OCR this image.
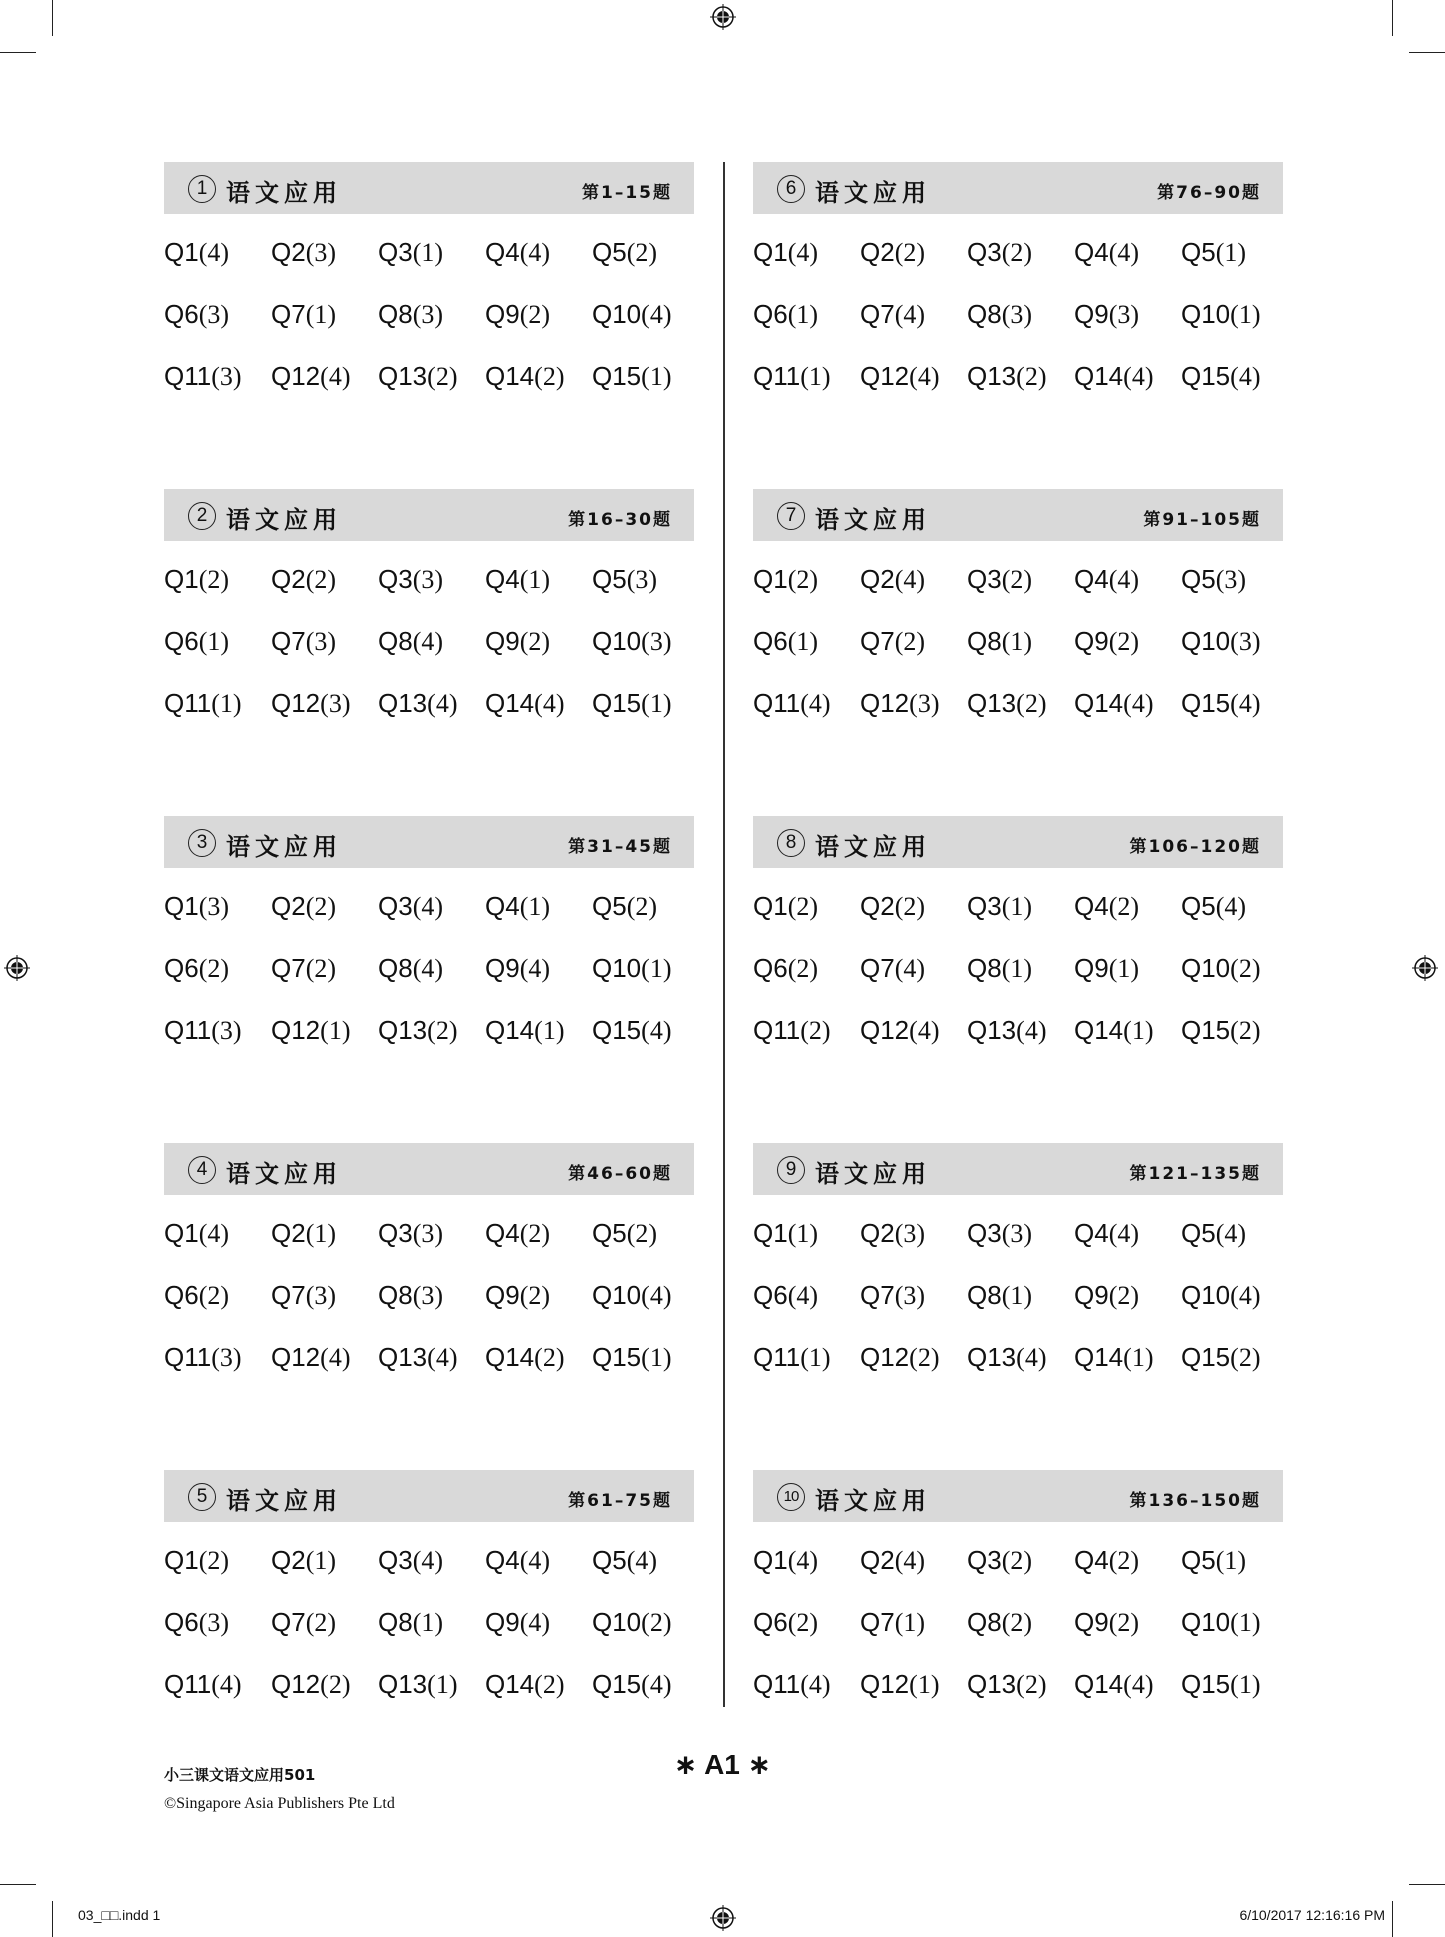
1 语文应用	第1–15题
Q1(4)	Q2(3)	Q3(1)	Q4(4)	Q5(2)
Q6(3)	Q7(1)	Q8(3)	Q9(2)	Q10(4)
Q11(3)	Q12(4)	Q13(2)	Q14(2)	Q15(1)
2 语文应用	第16–30题
Q1(2)	Q2(2)	Q3(3)	Q4(1)	Q5(3)
Q6(1)	Q7(3)	Q8(4)	Q9(2)	Q10(3)
Q11(1)	Q12(3)	Q13(4)	Q14(4)	Q15(1)
3 语文应用	第31–45题
Q1(3)	Q2(2)	Q3(4)	Q4(1)	Q5(2)
Q6(2)	Q7(2)	Q8(4)	Q9(4)	Q10(1)
Q11(3)	Q12(1)	Q13(2)	Q14(1)	Q15(4)
4 语文应用	第46–60题
Q1(4)	Q2(1)	Q3(3)	Q4(2)	Q5(2)
Q6(2)	Q7(3)	Q8(3)	Q9(2)	Q10(4)
Q11(3)	Q12(4)	Q13(4)	Q14(2)	Q15(1)
5 语文应用	第61–75题
Q1(2)	Q2(1)	Q3(4)	Q4(4)	Q5(4)
Q6(3)	Q7(2)	Q8(1)	Q9(4)	Q10(2)
Q11(4)	Q12(2)	Q13(1)	Q14(2)	Q15(4)
6 语文应用	第76–90题
Q1(4)	Q2(2)	Q3(2)	Q4(4)	Q5(1)
Q6(1)	Q7(4)	Q8(3)	Q9(3)	Q10(1)
Q11(1)	Q12(4)	Q13(2)	Q14(4)	Q15(4)
7 语文应用	第91–105题
Q1(2)	Q2(4)	Q3(2)	Q4(4)	Q5(3)
Q6(1)	Q7(2)	Q8(1)	Q9(2)	Q10(3)
Q11(4)	Q12(3)	Q13(2)	Q14(4)	Q15(4)
8 语文应用	第106–120题
Q1(2)	Q2(2)	Q3(1)	Q4(2)	Q5(4)
Q6(2)	Q7(4)	Q8(1)	Q9(1)	Q10(2)
Q11(2)	Q12(4)	Q13(4)	Q14(1)	Q15(2)
9 语文应用	第121–135题
Q1(1)	Q2(3)	Q3(3)	Q4(4)	Q5(4)
Q6(4)	Q7(3)	Q8(1)	Q9(2)	Q10(4)
Q11(1)	Q12(2)	Q13(4)	Q14(1)	Q15(2)
10 语文应用	第136–150题
Q1(4)	Q2(4)	Q3(2)	Q4(2)	Q5(1)
Q6(2)	Q7(1)	Q8(2)	Q9(2)	Q10(1)
Q11(4)	Q12(1)	Q13(2)	Q14(4)	Q15(1)
小三课文语文应用501
©Singapore Asia Publishers Pte Ltd
∗ A1 ∗
03_□□.indd 1	6/10/2017 12:16:16 PM
